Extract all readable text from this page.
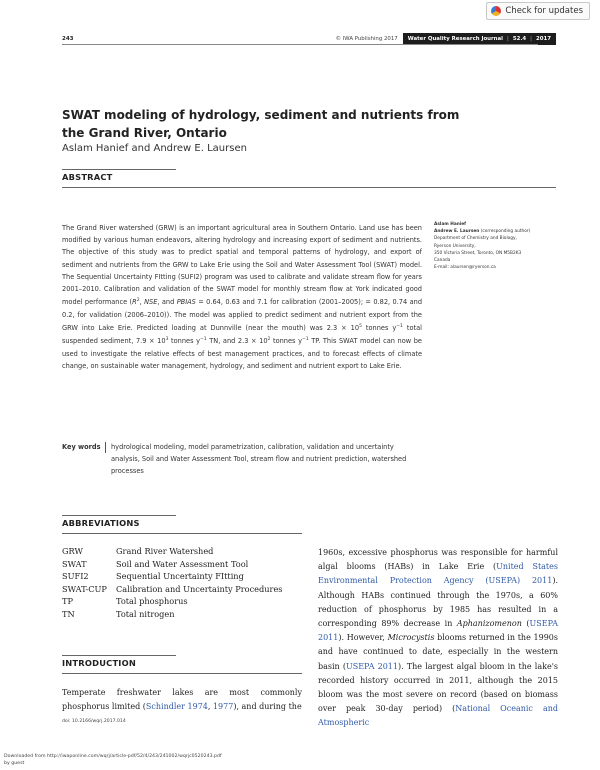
Check for updates
243	© IWA Publishing 2017	Water Quality Research Journal | 52.4 | 2017
SWAT modeling of hydrology, sediment and nutrients from the Grand River, Ontario
Aslam Hanief and Andrew E. Laursen
ABSTRACT

The Grand River watershed (GRW) is an important agricultural area in Southern Ontario. Land use has been modified by various human endeavors, altering hydrology and increasing export of sediment and nutrients. The objective of this study was to predict spatial and temporal patterns of hydrology, and export of sediment and nutrients from the GRW to Lake Erie using the Soil and Water Assessment Tool (SWAT) model. The Sequential Uncertainty FItting (SUFI2) program was used to calibrate and validate stream flow for years 2001–2010. Calibration and validation of the SWAT model for monthly stream flow at York indicated good model performance ($R^2$, NSE, and PBIAS = 0.64, 0.63 and 7.1 for calibration (2001–2005); = 0.82, 0.74 and 0.2, for validation (2006–2010)). The model was applied to predict sediment and nutrient export from the GRW into Lake Erie. Predicted loading at Dunnville (near the mouth) was $2.3 \times 10^5$ tonnes $y^{-1}$ total suspended sediment, $7.9 \times 10^3$ tonnes $y^{-1}$ TN, and $2.3 \times 10^2$ tonnes $y^{-1}$ TP. This SWAT model can now be used to investigate the relative effects of best management practices, and to forecast effects of climate change, on sustainable water management, hydrology, and sediment and nutrient export to Lake Erie.

Key words	hydrological modeling, model parametrization, calibration, validation and uncertainty analysis, Soil and Water Assessment Tool, stream flow and nutrient prediction, watershed processes
Aslam Hanief
Andrew E. Laursen (corresponding author)
Department of Chemistry and Biology,
Ryerson University,
350 Victoria Street, Toronto, ON M5B2K3
Canada
E-mail: alaursen@ryerson.ca
ABBREVIATIONS
GRW	Grand River Watershed
SWAT	Soil and Water Assessment Tool
SUFI2	Sequential Uncertainty FItting
SWAT-CUP	Calibration and Uncertainty Procedures
TP	Total phosphorus
TN	Total nitrogen
INTRODUCTION
Temperate freshwater lakes are most commonly phosphorus limited (Schindler 1974, 1977), and during the
1960s, excessive phosphorus was responsible for harmful algal blooms (HABs) in Lake Erie (United States Environmental Protection Agency (USEPA) 2011). Although HABs continued through the 1970s, a 60% reduction of phosphorus by 1985 has resulted in a corresponding 89% decrease in Aphanizomenon (USEPA 2011). However, Microcystis blooms returned in the 1990s and have continued to date, especially in the western basin (USEPA 2011). The largest algal bloom in the lake's recorded history occurred in 2011, although the 2015 bloom was the most severe on record (based on biomass over peak 30-day period) (National Oceanic and Atmospheric
doi: 10.2166/wqrj.2017.014
Downloaded from http://iwaponline.com/wqrj/article-pdf/52/4/243/241002/wqrjc0520243.pdf
by guest
